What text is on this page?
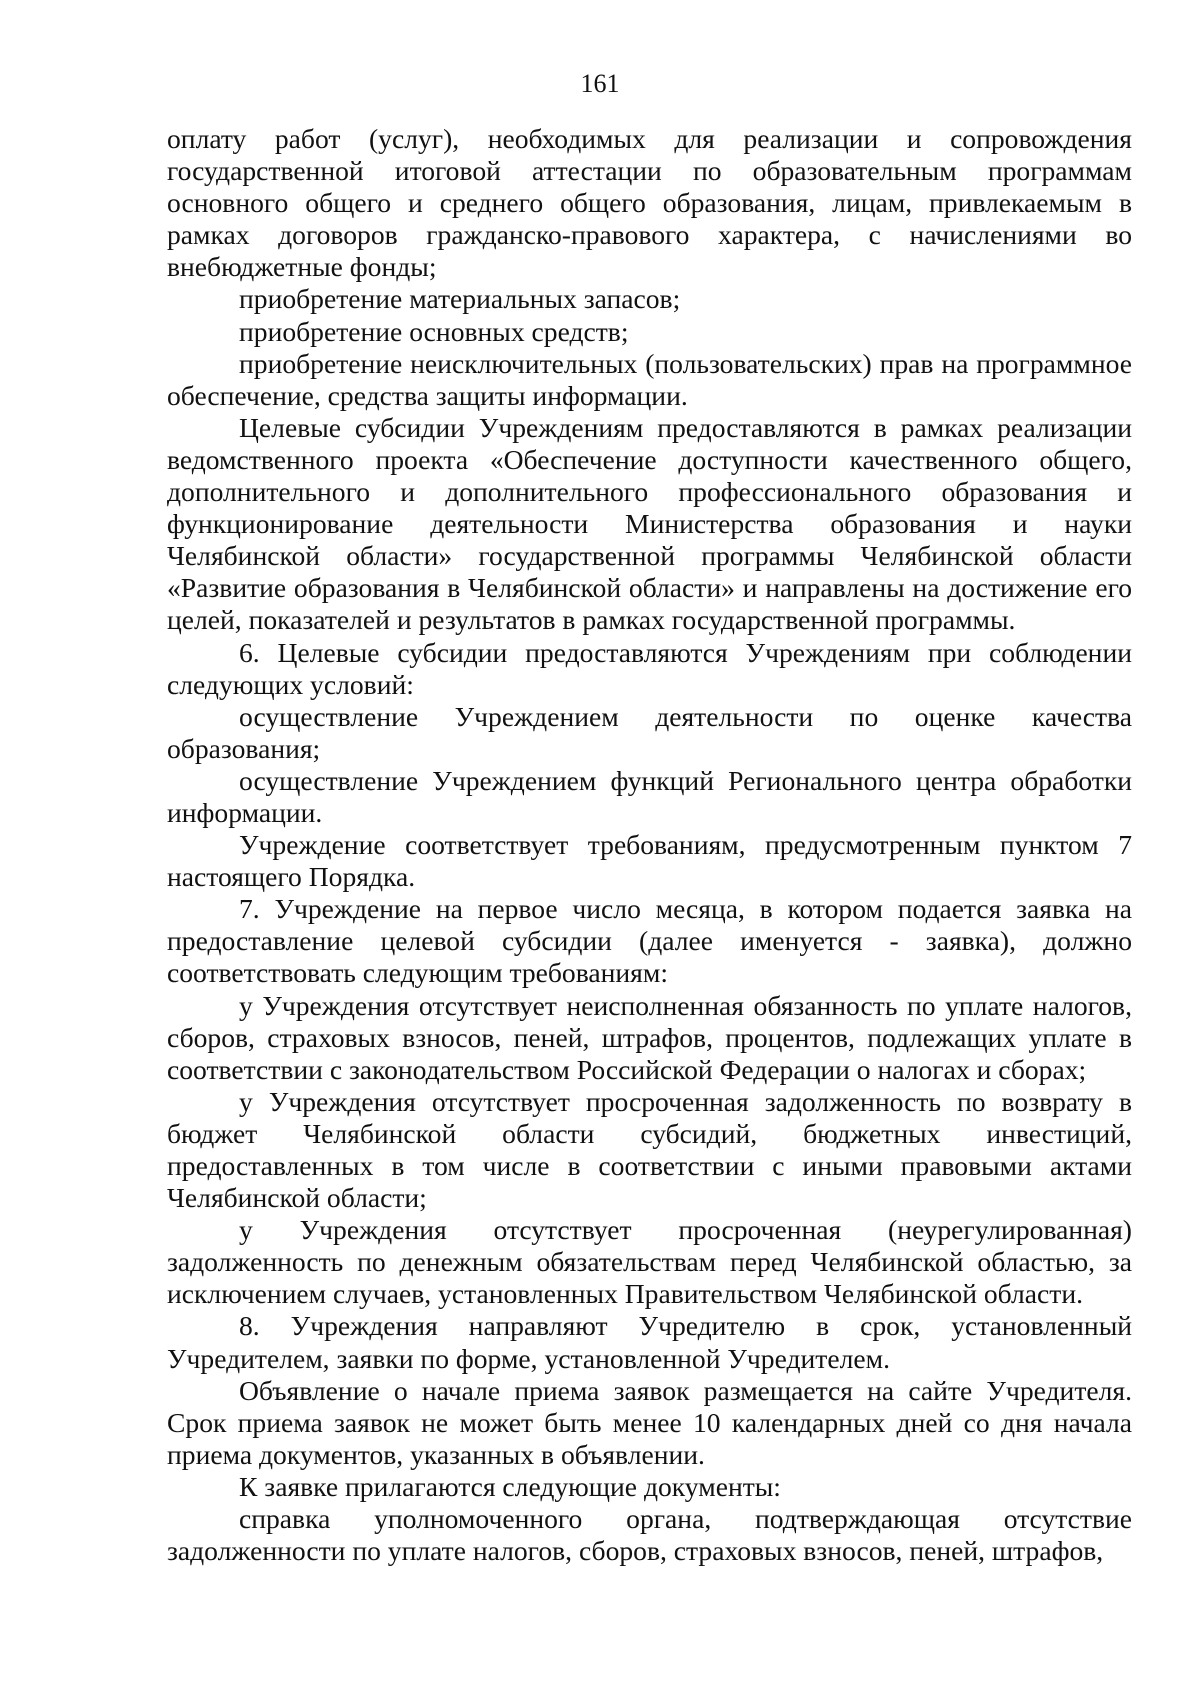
161

оплату работ (услуг), необходимых для реализации и сопровождения государственной итоговой аттестации по образовательным программам основного общего и среднего общего образования, лицам, привлекаемым в рамках договоров гражданско-правового характера, с начислениями во внебюджетные фонды;

приобретение материальных запасов;

приобретение основных средств;

приобретение неисключительных (пользовательских) прав на программное обеспечение, средства защиты информации.

Целевые субсидии Учреждениям предоставляются в рамках реализации ведомственного проекта «Обеспечение доступности качественного общего, дополнительного и дополнительного профессионального образования и функционирование деятельности Министерства образования и науки Челябинской области» государственной программы Челябинской области «Развитие образования в Челябинской области» и направлены на достижение его целей, показателей и результатов в рамках государственной программы.

6. Целевые субсидии предоставляются Учреждениям при соблюдении следующих условий:

осуществление Учреждением деятельности по оценке качества образования;

осуществление Учреждением функций Регионального центра обработки информации.

Учреждение соответствует требованиям, предусмотренным пунктом 7 настоящего Порядка.

7. Учреждение на первое число месяца, в котором подается заявка на предоставление целевой субсидии (далее именуется - заявка), должно соответствовать следующим требованиям:

у Учреждения отсутствует неисполненная обязанность по уплате налогов, сборов, страховых взносов, пеней, штрафов, процентов, подлежащих уплате в соответствии с законодательством Российской Федерации о налогах и сборах;

у Учреждения отсутствует просроченная задолженность по возврату в бюджет Челябинской области субсидий, бюджетных инвестиций, предоставленных в том числе в соответствии с иными правовыми актами Челябинской области;

у Учреждения отсутствует просроченная (неурегулированная) задолженность по денежным обязательствам перед Челябинской областью, за исключением случаев, установленных Правительством Челябинской области.

8. Учреждения направляют Учредителю в срок, установленный Учредителем, заявки по форме, установленной Учредителем.

Объявление о начале приема заявок размещается на сайте Учредителя. Срок приема заявок не может быть менее 10 календарных дней со дня начала приема документов, указанных в объявлении.

К заявке прилагаются следующие документы:

справка уполномоченного органа, подтверждающая отсутствие задолженности по уплате налогов, сборов, страховых взносов, пеней, штрафов,
